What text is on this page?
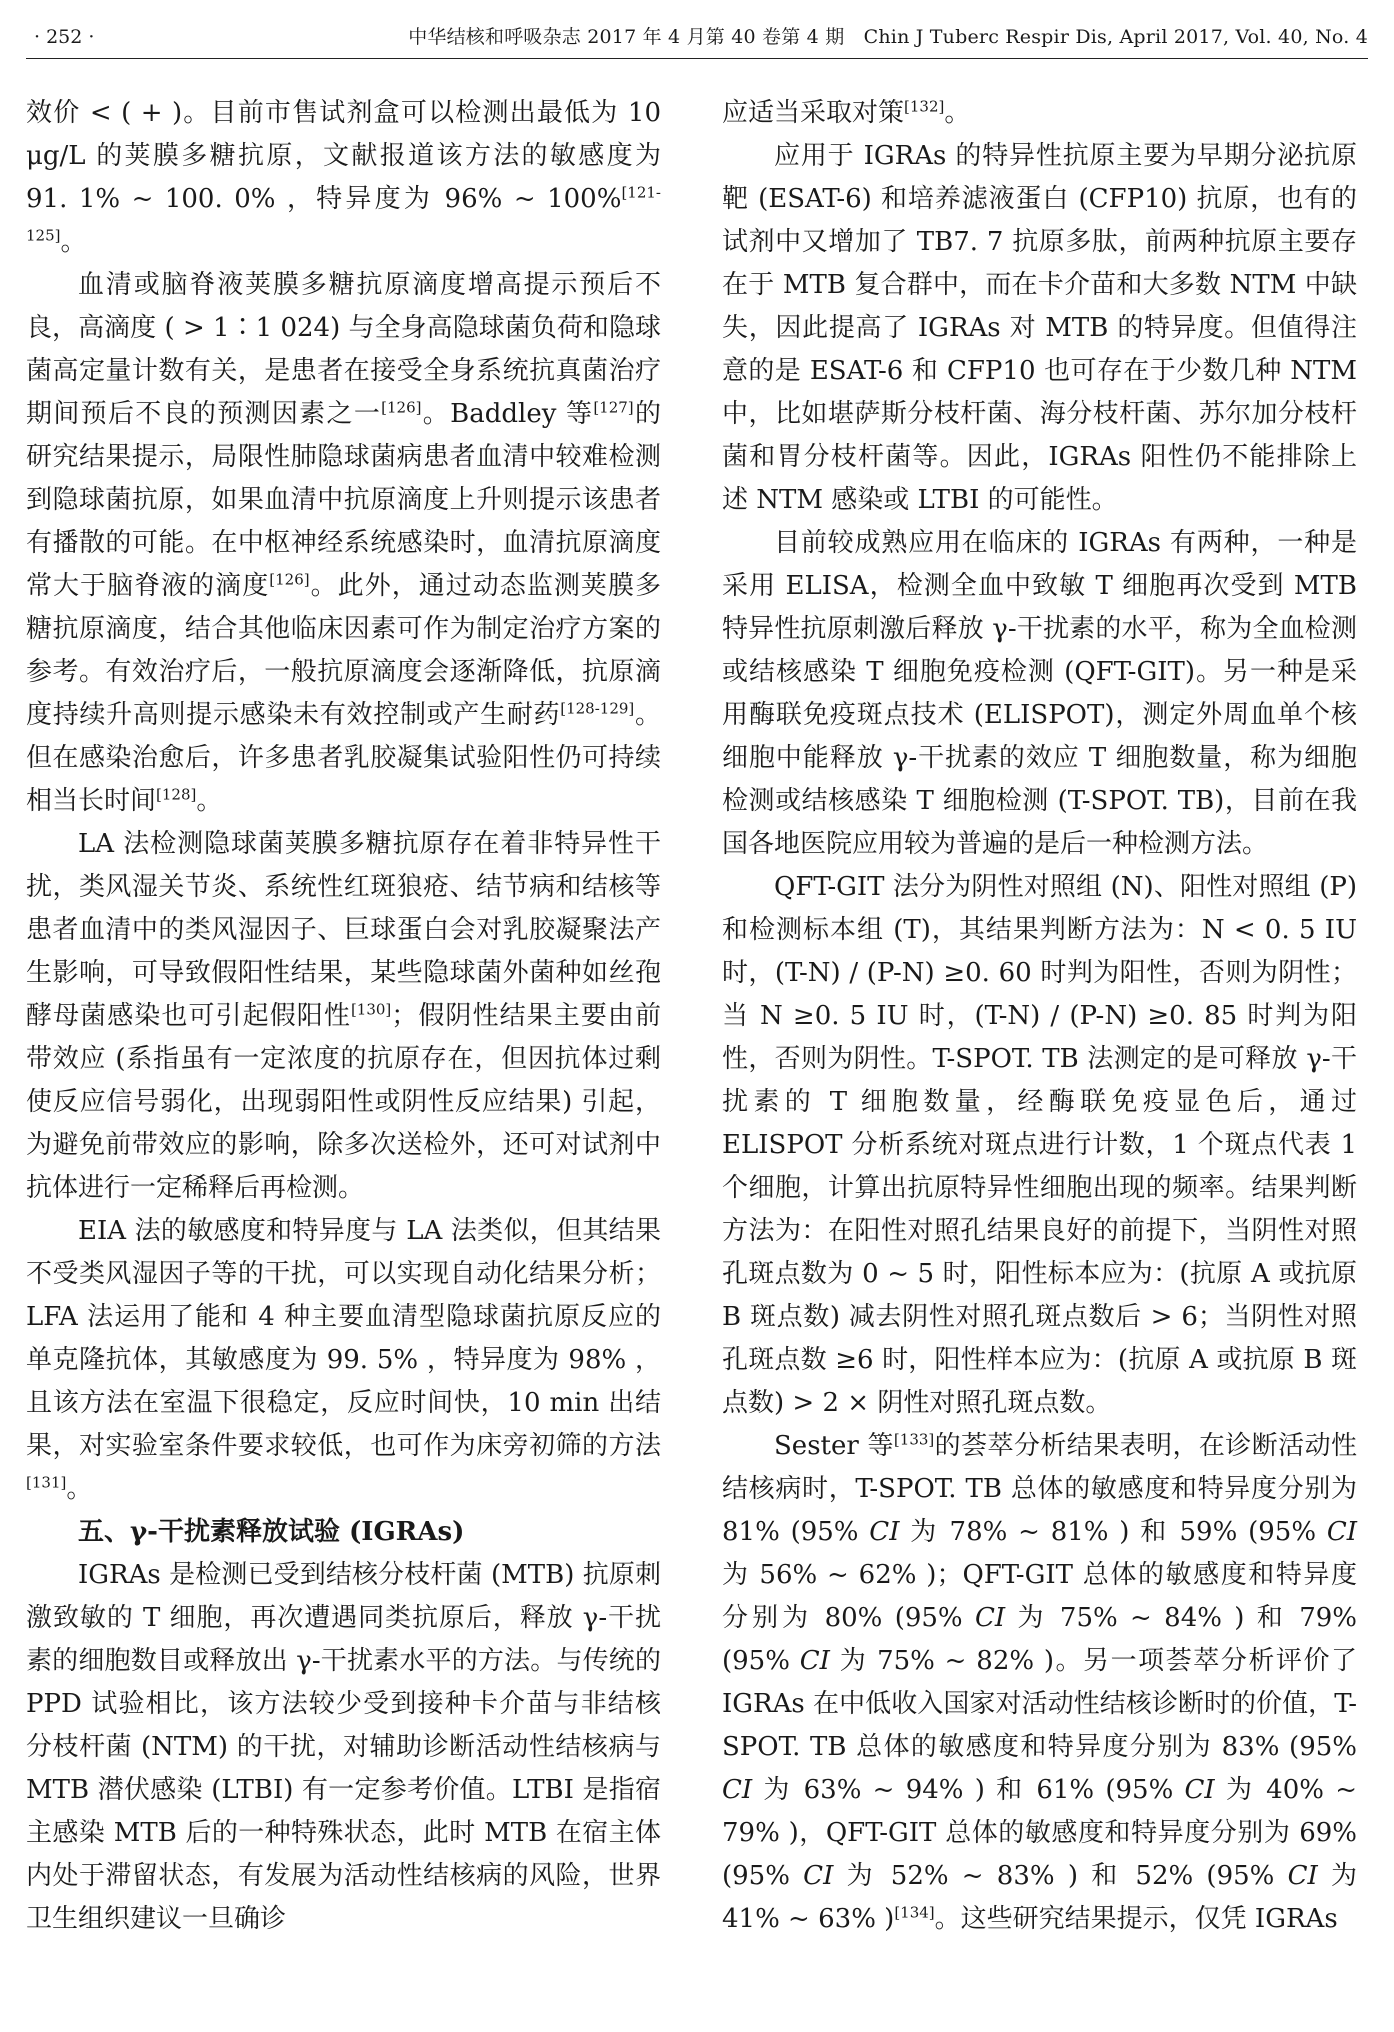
· 252 ·	中华结核和呼吸杂志 2017 年 4 月第 40 卷第 4 期　Chin J Tuberc Respir Dis, April 2017, Vol. 40, No. 4

效价 < ( + )。目前市售试剂盒可以检测出最低为 10 μg/L 的荚膜多糖抗原，文献报道该方法的敏感度为 91. 1% ~ 100. 0% ，特异度为 96% ~ 100%[121-125]。

血清或脑脊液荚膜多糖抗原滴度增高提示预后不良，高滴度 ( > 1∶1 024) 与全身高隐球菌负荷和隐球菌高定量计数有关，是患者在接受全身系统抗真菌治疗期间预后不良的预测因素之一[126]。Baddley 等[127]的研究结果提示，局限性肺隐球菌病患者血清中较难检测到隐球菌抗原，如果血清中抗原滴度上升则提示该患者有播散的可能。在中枢神经系统感染时，血清抗原滴度常大于脑脊液的滴度[126]。此外，通过动态监测荚膜多糖抗原滴度，结合其他临床因素可作为制定治疗方案的参考。有效治疗后，一般抗原滴度会逐渐降低，抗原滴度持续升高则提示感染未有效控制或产生耐药[128-129]。但在感染治愈后，许多患者乳胶凝集试验阳性仍可持续相当长时间[128]。

LA 法检测隐球菌荚膜多糖抗原存在着非特异性干扰，类风湿关节炎、系统性红斑狼疮、结节病和结核等患者血清中的类风湿因子、巨球蛋白会对乳胶凝聚法产生影响，可导致假阳性结果，某些隐球菌外菌种如丝孢酵母菌感染也可引起假阳性[130]；假阴性结果主要由前带效应 (系指虽有一定浓度的抗原存在，但因抗体过剩使反应信号弱化，出现弱阳性或阴性反应结果) 引起，为避免前带效应的影响，除多次送检外，还可对试剂中抗体进行一定稀释后再检测。

EIA 法的敏感度和特异度与 LA 法类似，但其结果不受类风湿因子等的干扰，可以实现自动化结果分析；LFA 法运用了能和 4 种主要血清型隐球菌抗原反应的单克隆抗体，其敏感度为 99. 5% ，特异度为 98% ，且该方法在室温下很稳定，反应时间快，10 min 出结果，对实验室条件要求较低，也可作为床旁初筛的方法[131]。

五、γ-干扰素释放试验 (IGRAs)

IGRAs 是检测已受到结核分枝杆菌 (MTB) 抗原刺激致敏的 T 细胞，再次遭遇同类抗原后，释放 γ-干扰素的细胞数目或释放出 γ-干扰素水平的方法。与传统的 PPD 试验相比，该方法较少受到接种卡介苗与非结核分枝杆菌 (NTM) 的干扰，对辅助诊断活动性结核病与 MTB 潜伏感染 (LTBI) 有一定参考价值。LTBI 是指宿主感染 MTB 后的一种特殊状态，此时 MTB 在宿主体内处于滞留状态，有发展为活动性结核病的风险，世界卫生组织建议一旦确诊

应适当采取对策[132]。

应用于 IGRAs 的特异性抗原主要为早期分泌抗原靶 (ESAT-6) 和培养滤液蛋白 (CFP10) 抗原，也有的试剂中又增加了 TB7. 7 抗原多肽，前两种抗原主要存在于 MTB 复合群中，而在卡介苗和大多数 NTM 中缺失，因此提高了 IGRAs 对 MTB 的特异度。但值得注意的是 ESAT-6 和 CFP10 也可存在于少数几种 NTM 中，比如堪萨斯分枝杆菌、海分枝杆菌、苏尔加分枝杆菌和胃分枝杆菌等。因此，IGRAs 阳性仍不能排除上述 NTM 感染或 LTBI 的可能性。

目前较成熟应用在临床的 IGRAs 有两种，一种是采用 ELISA，检测全血中致敏 T 细胞再次受到 MTB 特异性抗原刺激后释放 γ-干扰素的水平，称为全血检测或结核感染 T 细胞免疫检测 (QFT-GIT)。另一种是采用酶联免疫斑点技术 (ELISPOT)，测定外周血单个核细胞中能释放 γ-干扰素的效应 T 细胞数量，称为细胞检测或结核感染 T 细胞检测 (T-SPOT. TB)，目前在我国各地医院应用较为普遍的是后一种检测方法。

QFT-GIT 法分为阴性对照组 (N)、阳性对照组 (P) 和检测标本组 (T)，其结果判断方法为：N < 0. 5 IU 时，(T-N) / (P-N) ≥0. 60 时判为阳性，否则为阴性；当 N ≥0. 5 IU 时，(T-N) / (P-N) ≥0. 85 时判为阳性，否则为阴性。T-SPOT. TB 法测定的是可释放 γ-干扰素的 T 细胞数量，经酶联免疫显色后，通过 ELISPOT 分析系统对斑点进行计数，1 个斑点代表 1 个细胞，计算出抗原特异性细胞出现的频率。结果判断方法为：在阳性对照孔结果良好的前提下，当阴性对照孔斑点数为 0 ~ 5 时，阳性标本应为：(抗原 A 或抗原 B 斑点数) 减去阴性对照孔斑点数后 > 6；当阴性对照孔斑点数 ≥6 时，阳性样本应为：(抗原 A 或抗原 B 斑点数) > 2 × 阴性对照孔斑点数。

Sester 等[133]的荟萃分析结果表明，在诊断活动性结核病时，T-SPOT. TB 总体的敏感度和特异度分别为 81% (95% CI 为 78% ~ 81% ) 和 59% (95% CI 为 56% ~ 62% )；QFT-GIT 总体的敏感度和特异度分别为 80% (95% CI 为 75% ~ 84% ) 和 79% (95% CI 为 75% ~ 82% )。另一项荟萃分析评价了 IGRAs 在中低收入国家对活动性结核诊断时的价值，T-SPOT. TB 总体的敏感度和特异度分别为 83% (95% CI 为 63% ~ 94% ) 和 61% (95% CI 为 40% ~ 79% )，QFT-GIT 总体的敏感度和特异度分别为 69% (95% CI 为 52% ~ 83% ) 和 52% (95% CI 为 41% ~ 63% )[134]。这些研究结果提示，仅凭 IGRAs
